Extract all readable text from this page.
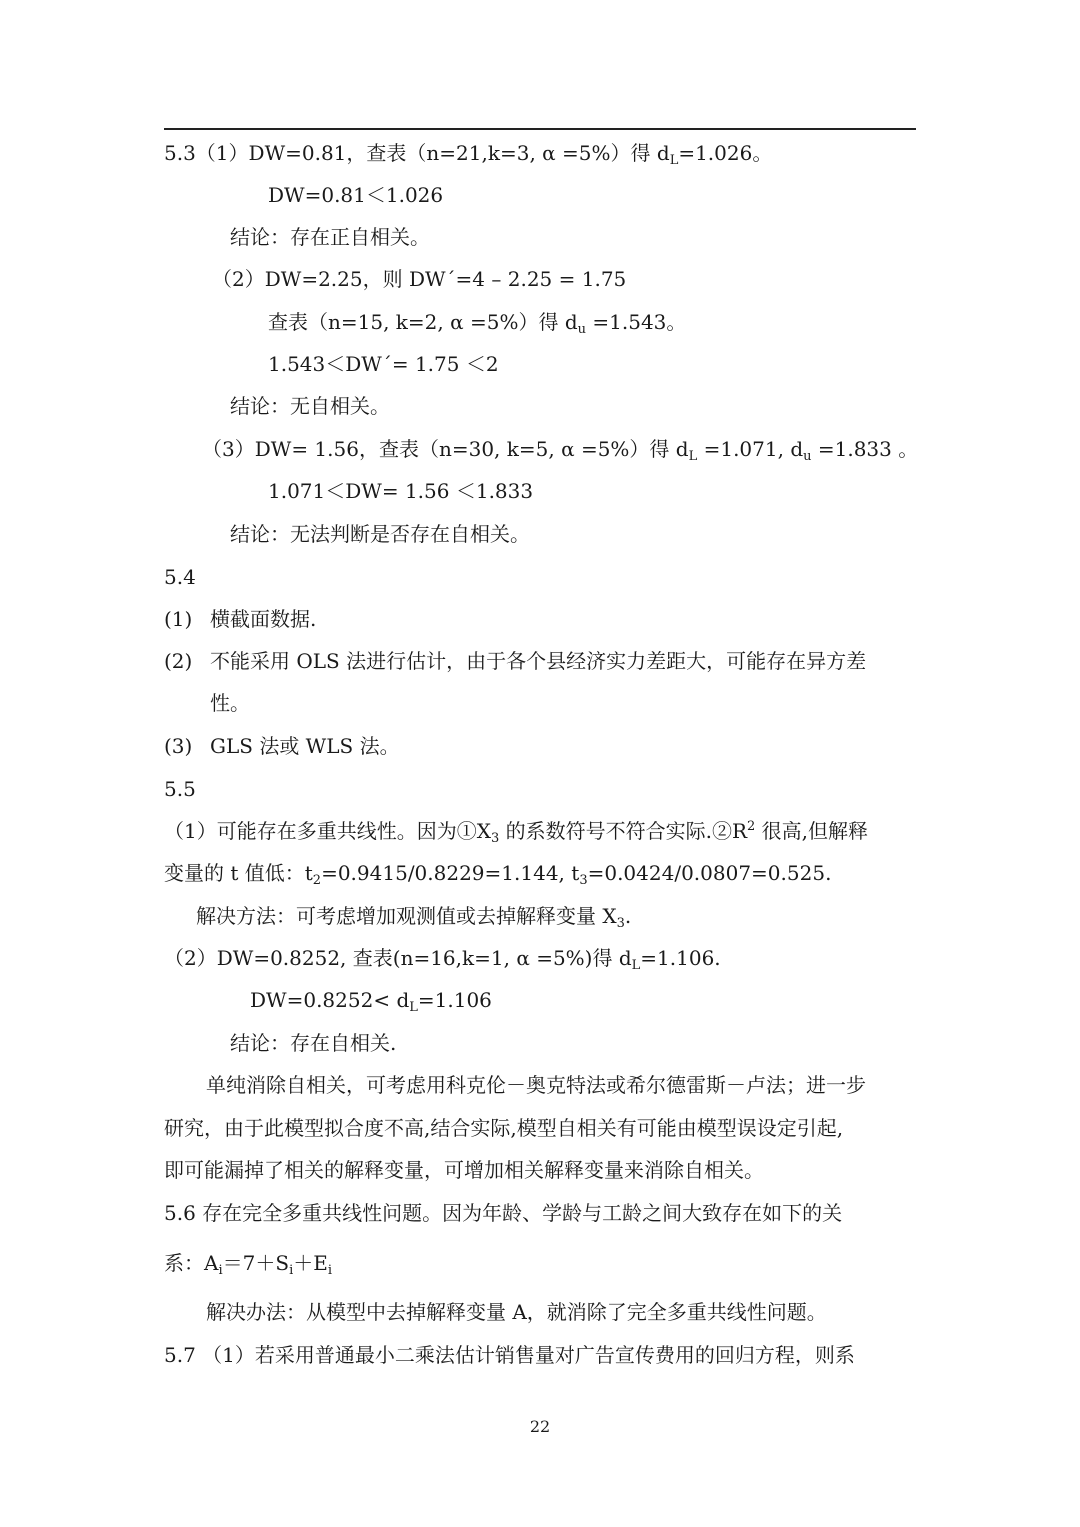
5.3（1）DW=0.81，查表（n=21,k=3, α =5%）得 $d_L=1.026$。
DW=0.81＜1.026
结论：存在正自相关。
（2）DW=2.25，则 DW´=4 – 2.25 = 1.75
查表（n=15, k=2, α =5%）得 $d_u =1.543$。
1.543＜DW´= 1.75 ＜2
结论：无自相关。
（3）DW= 1.56，查表（n=30, k=5, α =5%）得 $d_L =1.071$, $d_u =1.833$ 。
1.071＜DW= 1.56 ＜1.833
结论：无法判断是否存在自相关。
5.4
(1) 横截面数据.
(2) 不能采用 OLS 法进行估计，由于各个县经济实力差距大，可能存在异方差
性。
(3) GLS 法或 WLS 法。
5.5
（1）可能存在多重共线性。因为$①X_3$ 的系数符号不符合实际$.②R^2$ 很高,但解释
变量的 t 值低：$t_2=0.9415/0.8229=1.144$, $t_3=0.0424/0.0807=0.525$.
解决方法：可考虑增加观测值或去掉解释变量 $X_3$.
（2）DW=0.8252, 查表(n=16,k=1, α =5%)得 $d_L=1.106$.
$DW=0.8252< d_L=1.106$
结论：存在自相关.
单纯消除自相关，可考虑用科克伦－奥克特法或希尔德雷斯－卢法；进一步
研究，由于此模型拟合度不高,结合实际,模型自相关有可能由模型误设定引起,
即可能漏掉了相关的解释变量，可增加相关解释变量来消除自相关。
5.6 存在完全多重共线性问题。因为年龄、学龄与工龄之间大致存在如下的关
系：$A_i=7+S_i+E_i$
解决办法：从模型中去掉解释变量 A，就消除了完全多重共线性问题。
5.7 （1）若采用普通最小二乘法估计销售量对广告宣传费用的回归方程，则系
22
